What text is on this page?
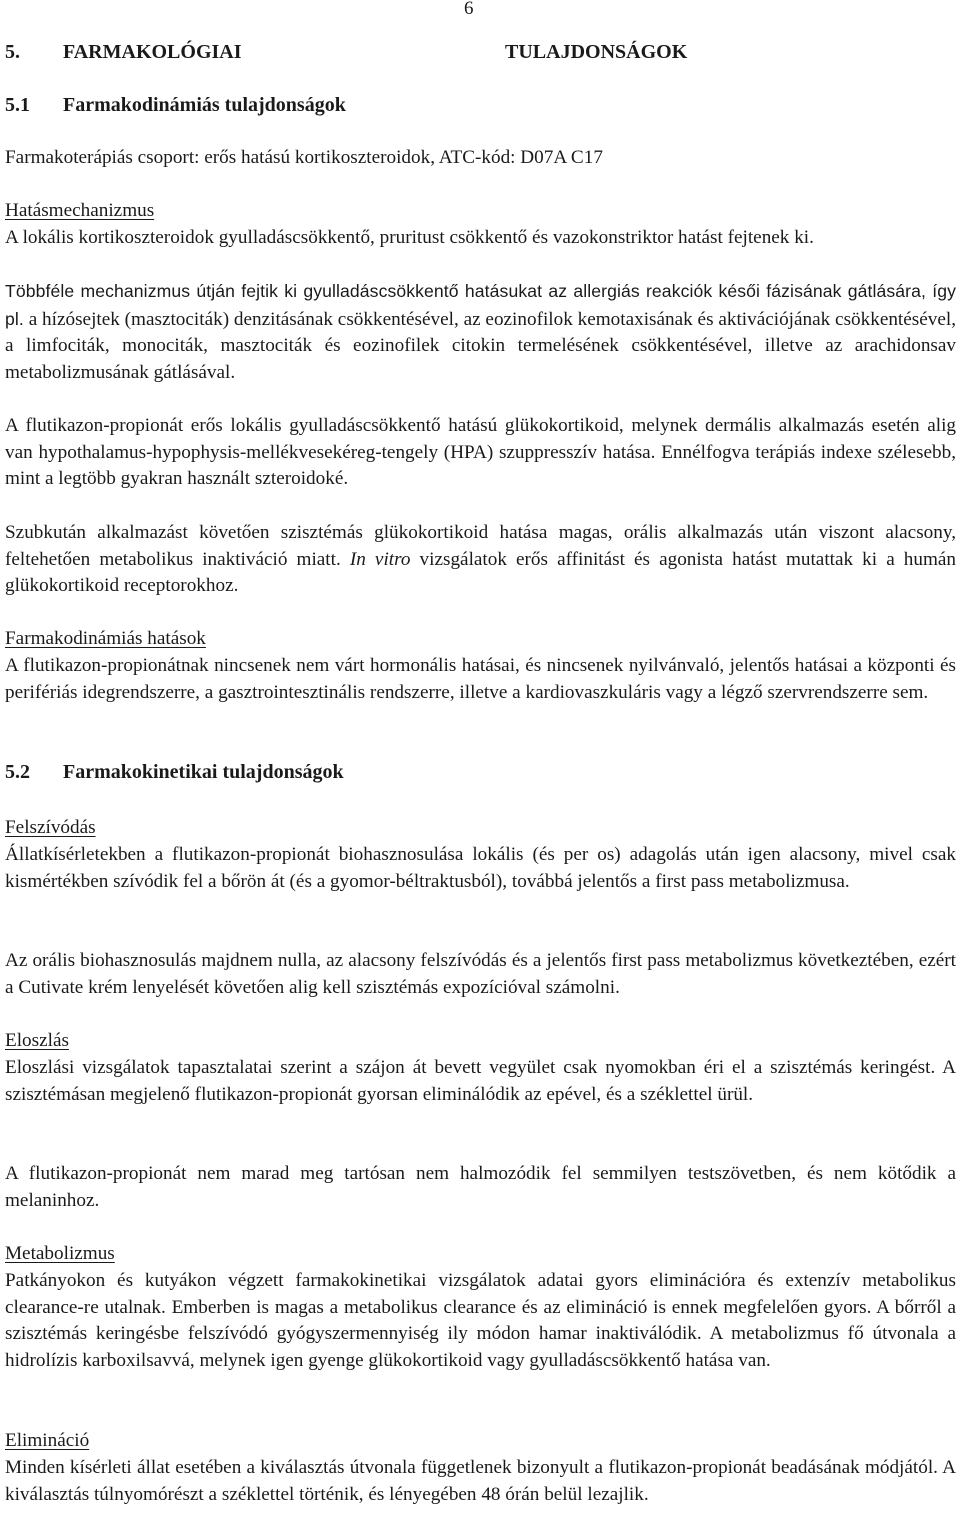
6
5. FARMAKOLÓGIAI	TULAJDONSÁGOK
5.1 Farmakodinámiás tulajdonságok

Farmakoterápiás csoport: erős hatású kortikoszteroidok, ATC-kód: D07A C17

Hatásmechanizmus

A lokális kortikoszteroidok gyulladáscsökkentő, pruritust csökkentő és vazokonstriktor hatást fejtenek ki.

Többféle mechanizmus útján fejtik ki gyulladáscsökkentő hatásukat az allergiás reakciók késői fázisának gátlására, így pl. a hízósejtek (masztociták) denzitásának csökkentésével, az eozinofilok kemotaxisának és aktivációjának csökkentésével, a limfociták, monociták, masztociták és eozinofilek citokin termelésének csökkentésével, illetve az arachidonsav metabolizmusának gátlásával.

A flutikazon-propionát erős lokális gyulladáscsökkentő hatású glükokortikoid, melynek dermális alkalmazás esetén alig van hypothalamus-hypophysis-mellékvesekéreg-tengely (HPA) szuppresszív hatása. Ennélfogva terápiás indexe szélesebb, mint a legtöbb gyakran használt szteroidoké.

Szubkután alkalmazást követően szisztémás glükokortikoid hatása magas, orális alkalmazás után viszont alacsony, feltehetően metabolikus inaktiváció miatt. In vitro vizsgálatok erős affinitást és agonista hatást mutattak ki a humán glükokortikoid receptorokhoz.

Farmakodinámiás hatások

A flutikazon-propionátnak nincsenek nem várt hormonális hatásai, és nincsenek nyilvánvaló, jelentős hatásai a központi és perifériás idegrendszerre, a gasztrointesztinális rendszerre, illetve a kardiovaszkuláris vagy a légző szervrendszerre sem.

5.2 Farmakokinetikai tulajdonságok

Felszívódás

Állatkísérletekben a flutikazon-propionát biohasznosulása lokális (és per os) adagolás után igen alacsony, mivel csak kismértékben szívódik fel a bőrön át (és a gyomor-béltraktusból), továbbá jelentős a first pass metabolizmusa.

Az orális biohasznosulás majdnem nulla, az alacsony felszívódás és a jelentős first pass metabolizmus következtében, ezért a Cutivate krém lenyelését követően alig kell szisztémás expozícióval számolni.

Eloszlás

Eloszlási vizsgálatok tapasztalatai szerint a szájon át bevett vegyület csak nyomokban éri el a szisztémás keringést. A szisztémásan megjelenő flutikazon-propionát gyorsan eliminálódik az epével, és a széklettel ürül.

A flutikazon-propionát nem marad meg tartósan nem halmozódik fel semmilyen testszövetben, és nem kötődik a melaninhoz.

Metabolizmus

Patkányokon és kutyákon végzett farmakokinetikai vizsgálatok adatai gyors eliminációra és extenzív metabolikus clearance-re utalnak. Emberben is magas a metabolikus clearance és az elimináció is ennek megfelelően gyors. A bőrről a szisztémás keringésbe felszívódó gyógyszermennyiség ily módon hamar inaktiválódik. A metabolizmus fő útvonala a hidrolízis karboxilsavvá, melynek igen gyenge glükokortikoid vagy gyulladáscsökkentő hatása van.

Elimináció

Minden kísérleti állat esetében a kiválasztás útvonala függetlenek bizonyult a flutikazon-propionát beadásának módjától. A kiválasztás túlnyomórészt a széklettel történik, és lényegében 48 órán belül lezajlik.
